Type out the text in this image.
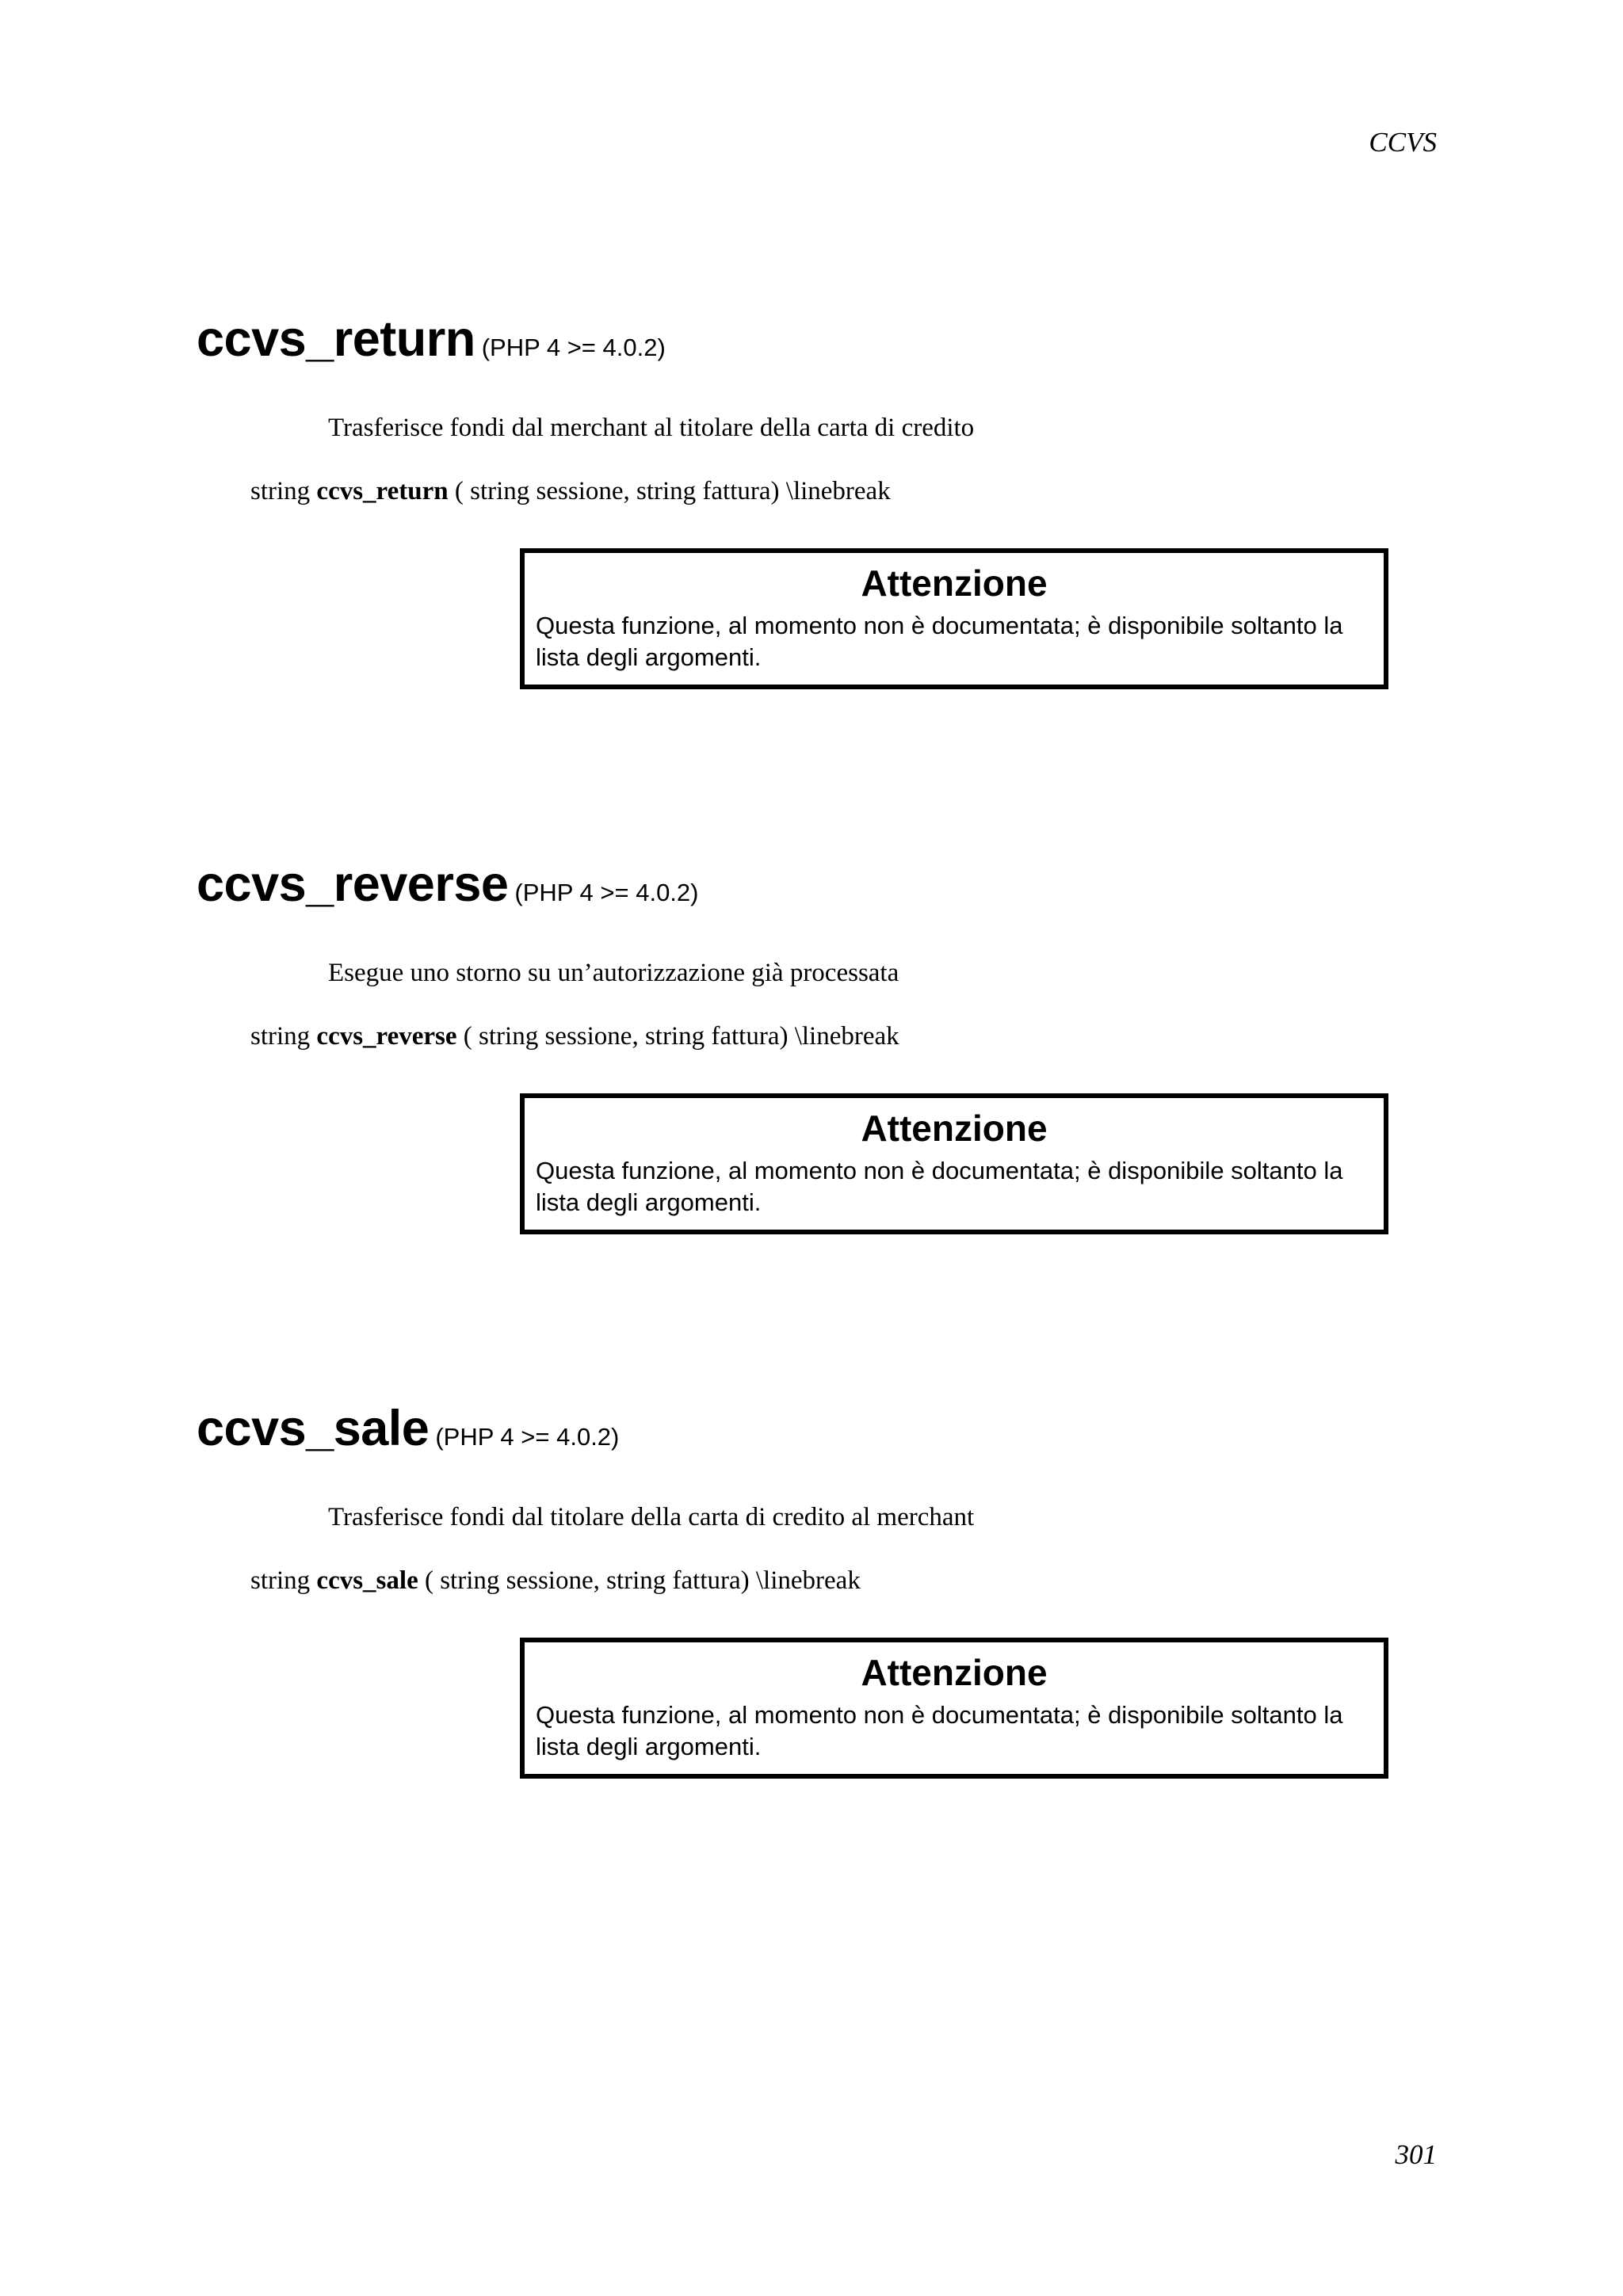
CCVS
ccvs_return (PHP 4 >= 4.0.2)
Trasferisce fondi dal merchant al titolare della carta di credito
string ccvs_return ( string sessione, string fattura) \linebreak
Attenzione
Questa funzione, al momento non è documentata; è disponibile soltanto la lista degli argomenti.
ccvs_reverse (PHP 4 >= 4.0.2)
Esegue uno storno su un’autorizzazione già processata
string ccvs_reverse ( string sessione, string fattura) \linebreak
Attenzione
Questa funzione, al momento non è documentata; è disponibile soltanto la lista degli argomenti.
ccvs_sale (PHP 4 >= 4.0.2)
Trasferisce fondi dal titolare della carta di credito al merchant
string ccvs_sale ( string sessione, string fattura) \linebreak
Attenzione
Questa funzione, al momento non è documentata; è disponibile soltanto la lista degli argomenti.
301
